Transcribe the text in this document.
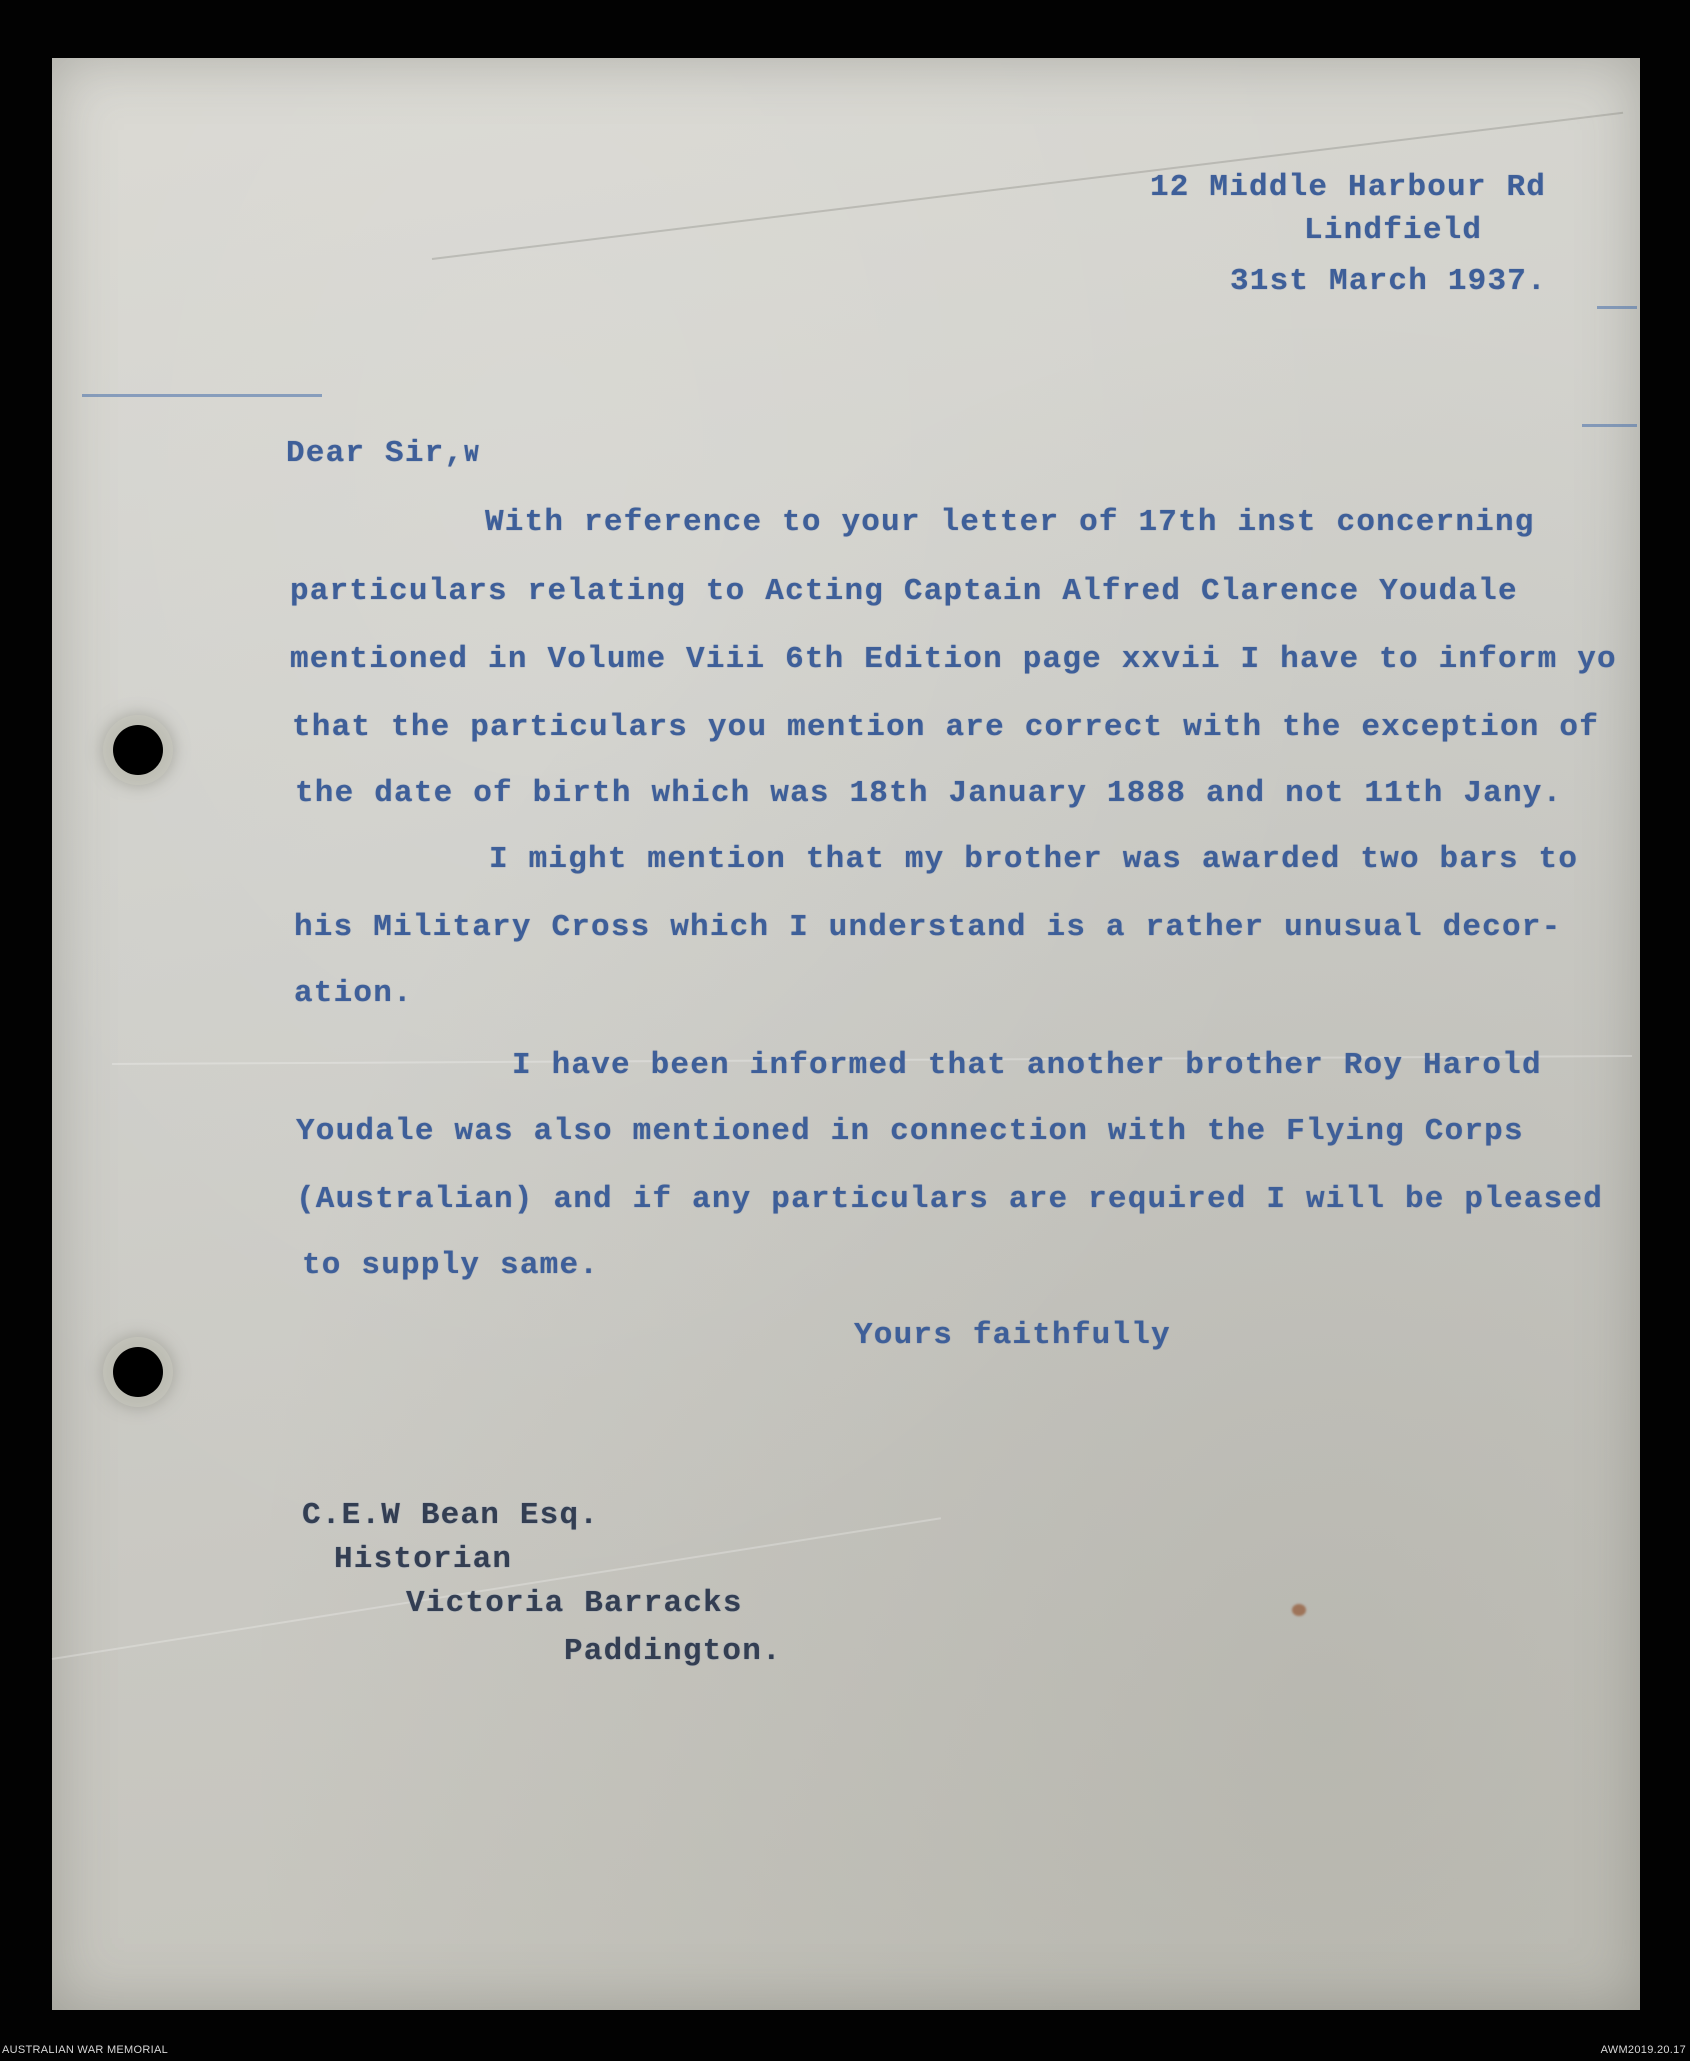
12 Middle Harbour Rd
Lindfield
31st March 1937.
Dear Sir,W
With reference to your letter of 17th inst concerning
particulars relating to Acting Captain Alfred Clarence Youdale
mentioned in Volume Viii 6th Edition page xxvii I have to inform yo
that the particulars you mention are correct with the exception of
the date of birth which was 18th January 1888 and not 11th Jany.
I might mention that my brother was awarded two bars to
his Military Cross which I understand is a rather unusual decor-
ation.
I have been informed that another brother Roy Harold
Youdale was also mentioned in connection with the Flying Corps
(Australian) and if any particulars are required I will be pleased
to supply same.
Yours faithfully
C.E.W Bean Esq.
Historian
Victoria Barracks
Paddington.
AUSTRALIAN WAR MEMORIAL	AWM2019.20.17
